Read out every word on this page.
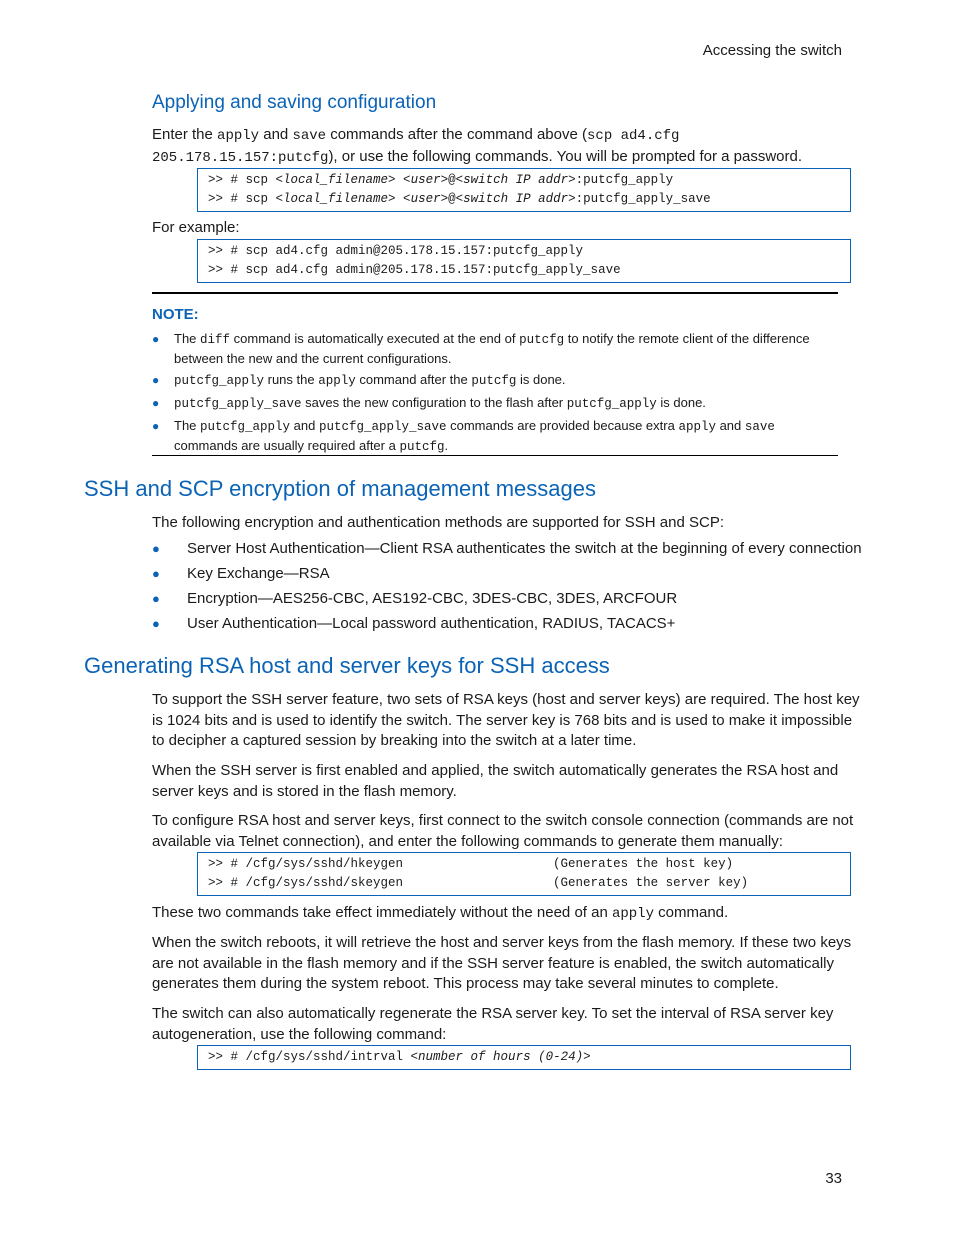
Accessing the switch
Applying and saving configuration

Enter the apply and save commands after the command above (scp ad4.cfg 205.178.15.157:putcfg), or use the following commands. You will be prompted for a password.

>> # scp <local_filename> <user>@<switch IP addr>:putcfg_apply
>> # scp <local_filename> <user>@<switch IP addr>:putcfg_apply_save

For example:

>> # scp ad4.cfg admin@205.178.15.157:putcfg_apply
>> # scp ad4.cfg admin@205.178.15.157:putcfg_apply_save
NOTE:
● The diff command is automatically executed at the end of putcfg to notify the remote client of the difference between the new and the current configurations.
● putcfg_apply runs the apply command after the putcfg is done.
● putcfg_apply_save saves the new configuration to the flash after putcfg_apply is done.
● The putcfg_apply and putcfg_apply_save commands are provided because extra apply and save commands are usually required after a putcfg.
SSH and SCP encryption of management messages

The following encryption and authentication methods are supported for SSH and SCP:

● Server Host Authentication—Client RSA authenticates the switch at the beginning of every connection
● Key Exchange—RSA
● Encryption—AES256-CBC, AES192-CBC, 3DES-CBC, 3DES, ARCFOUR
● User Authentication—Local password authentication, RADIUS, TACACS+
Generating RSA host and server keys for SSH access

To support the SSH server feature, two sets of RSA keys (host and server keys) are required. The host key is 1024 bits and is used to identify the switch. The server key is 768 bits and is used to make it impossible to decipher a captured session by breaking into the switch at a later time.

When the SSH server is first enabled and applied, the switch automatically generates the RSA host and server keys and is stored in the flash memory.

To configure RSA host and server keys, first connect to the switch console connection (commands are not available via Telnet connection), and enter the following commands to generate them manually:

>> # /cfg/sys/sshd/hkeygen                    (Generates the host key)
>> # /cfg/sys/sshd/skeygen                    (Generates the server key)

These two commands take effect immediately without the need of an apply command.

When the switch reboots, it will retrieve the host and server keys from the flash memory. If these two keys are not available in the flash memory and if the SSH server feature is enabled, the switch automatically generates them during the system reboot. This process may take several minutes to complete.

The switch can also automatically regenerate the RSA server key. To set the interval of RSA server key autogeneration, use the following command:

>> # /cfg/sys/sshd/intrval <number of hours (0-24)>
33
